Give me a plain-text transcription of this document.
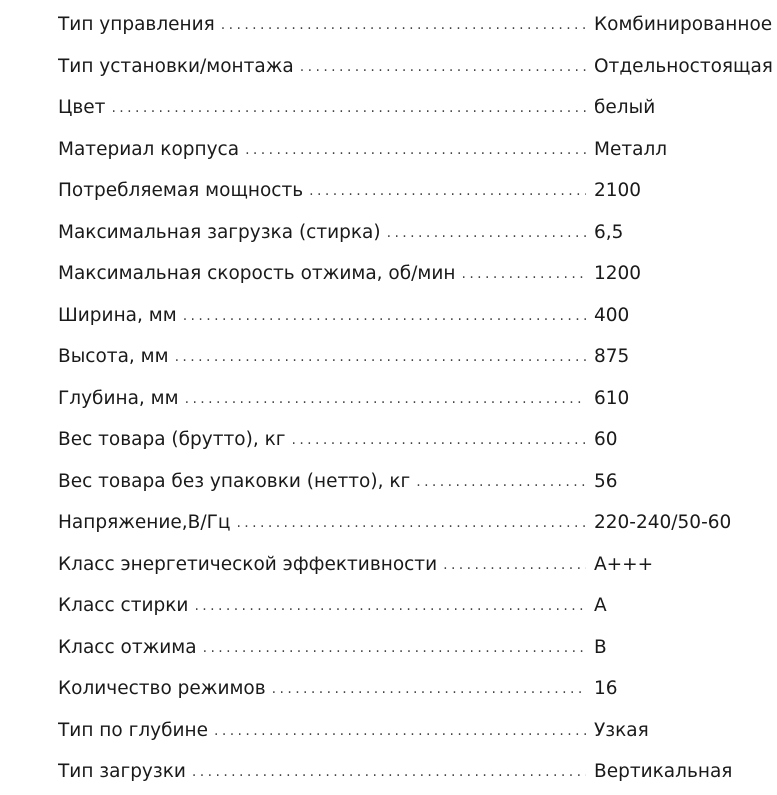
Тип управления .....	Комбинированное
Тип установки/монтажа .....	Отдельностоящая
Цвет .....	белый
Материал корпуса .....	Металл
Потребляемая мощность .....	2100
Максимальная загрузка (стирка) .....	6,5
Максимальная скорость отжима, об/мин .....	1200
Ширина, мм .....	400
Высота, мм .....	875
Глубина, мм .....	610
Вес товара (брутто), кг .....	60
Вес товара без упаковки (нетто), кг .....	56
Напряжение,В/Гц .....	220-240/50-60
Класс энергетической эффективности .....	A+++
Класс стирки .....	A
Класс отжима .....	B
Количество режимов .....	16
Тип по глубине .....	Узкая
Тип загрузки .....	Вертикальная
